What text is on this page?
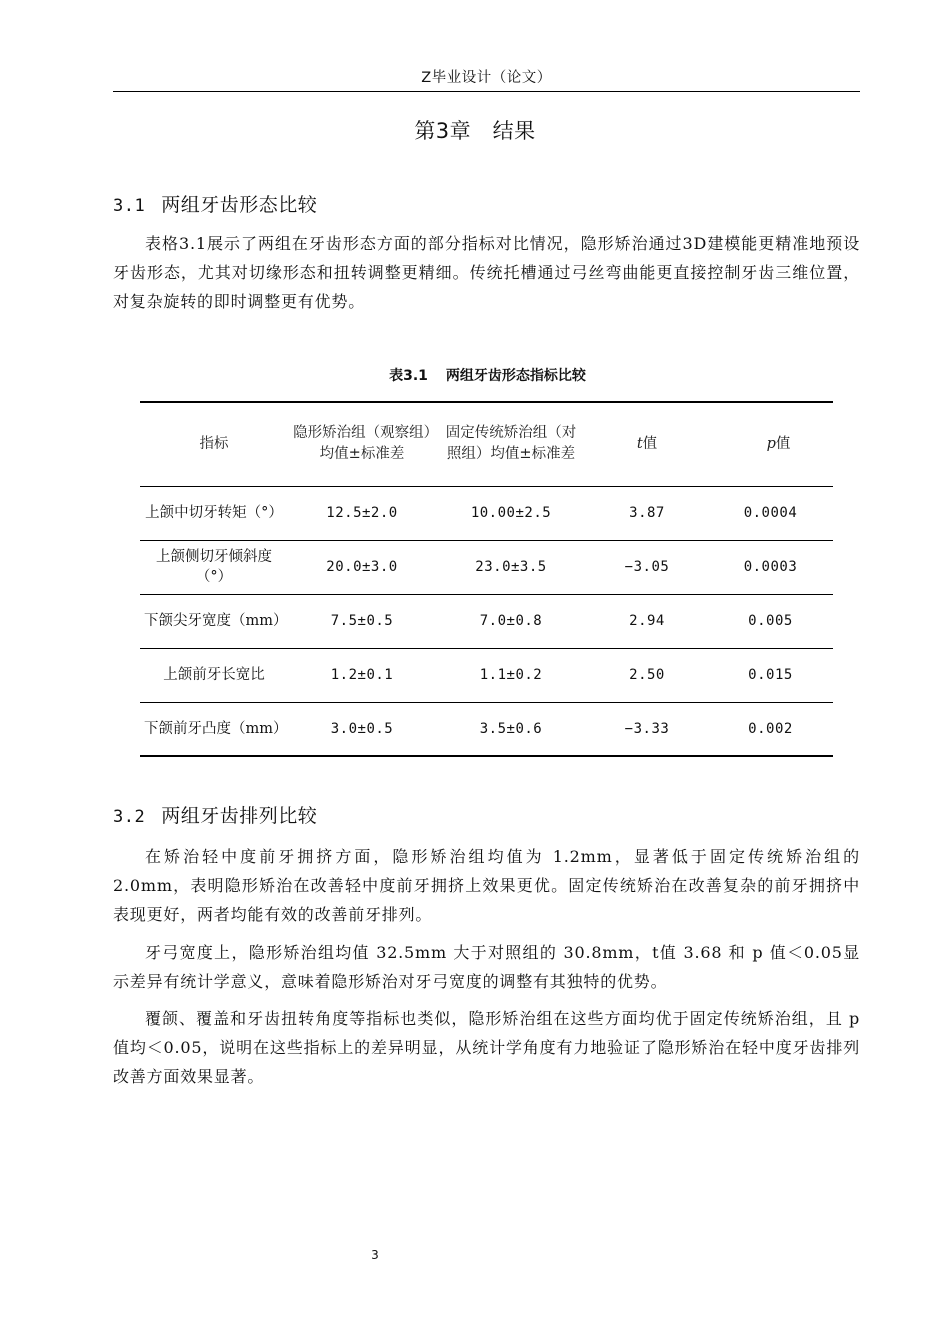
Z毕业设计（论文）
第3章　结果
3.1 两组牙齿形态比较

表格3.1展示了两组在牙齿形态方面的部分指标对比情况，隐形矫治通过3D建模能更精准地预设牙齿形态，尤其对切缘形态和扭转调整更精细。传统托槽通过弓丝弯曲能更直接控制牙齿三维位置，对复杂旋转的即时调整更有优势。

表3.1 两组牙齿形态指标比较
指标	隐形矫治组（观察组）均值±标准差	固定传统矫治组（对照组）均值±标准差	t值	p值
上颌中切牙转矩（°）	12.5±2.0	10.00±2.5	3.87	0.0004
上颌侧切牙倾斜度（°）	20.0±3.0	23.0±3.5	−3.05	0.0003
下颌尖牙宽度（mm）	7.5±0.5	7.0±0.8	2.94	0.005
上颌前牙长宽比	1.2±0.1	1.1±0.2	2.50	0.015
下颌前牙凸度（mm）	3.0±0.5	3.5±0.6	−3.33	0.002
3.2 两组牙齿排列比较

在矫治轻中度前牙拥挤方面，隐形矫治组均值为 1.2mm，显著低于固定传统矫治组的 2.0mm，表明隐形矫治在改善轻中度前牙拥挤上效果更优。固定传统矫治在改善复杂的前牙拥挤中表现更好，两者均能有效的改善前牙排列。

牙弓宽度上，隐形矫治组均值 32.5mm 大于对照组的 30.8mm，t值 3.68 和 p 值＜0.05显示差异有统计学意义，意味着隐形矫治对牙弓宽度的调整有其独特的优势。

覆颌、覆盖和牙齿扭转角度等指标也类似，隐形矫治组在这些方面均优于固定传统矫治组，且 p值均＜0.05，说明在这些指标上的差异明显，从统计学角度有力地验证了隐形矫治在轻中度牙齿排列改善方面效果显著。

3
